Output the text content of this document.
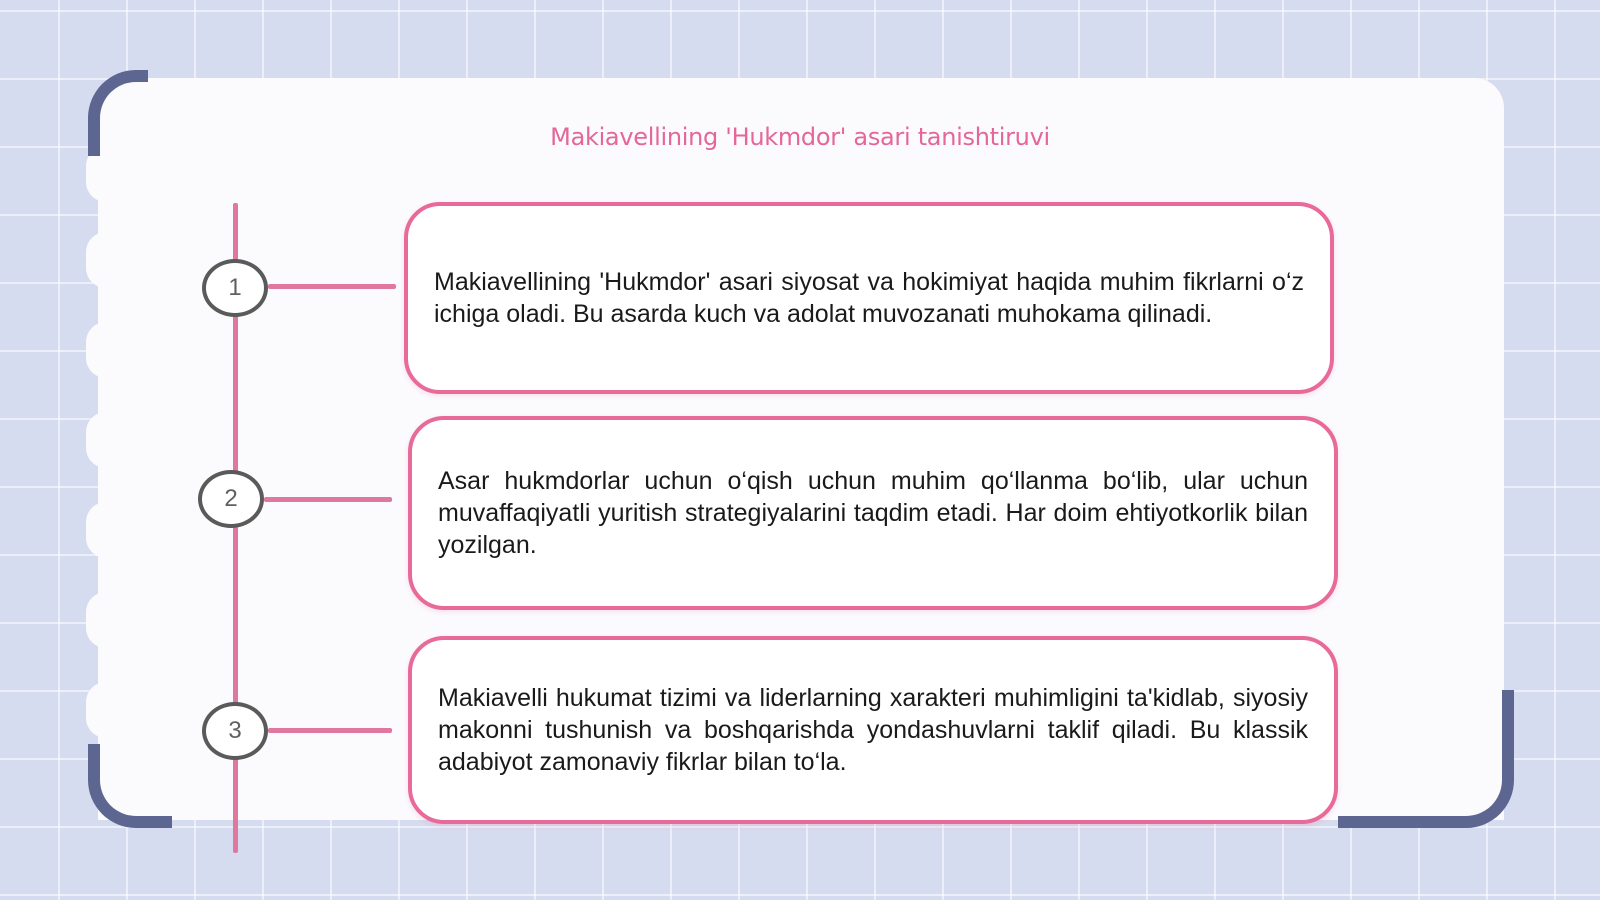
Makiavellining 'Hukmdor' asari tanishtiruvi
1
2
3

Makiavellining 'Hukmdor' asari siyosat va hokimiyat haqida muhim fikrlarni o‘z ichiga oladi. Bu asarda kuch va adolat muvozanati muhokama qilinadi.

Asar hukmdorlar uchun o‘qish uchun muhim qo‘llanma bo‘lib, ular uchun muvaffaqiyatli yuritish strategiyalarini taqdim etadi. Har doim ehtiyotkorlik bilan yozilgan.

Makiavelli hukumat tizimi va liderlarning xarakteri muhimligini ta'kidlab, siyosiy makonni tushunish va boshqarishda yondashuvlarni taklif qiladi. Bu klassik adabiyot zamonaviy fikrlar bilan to‘la.
